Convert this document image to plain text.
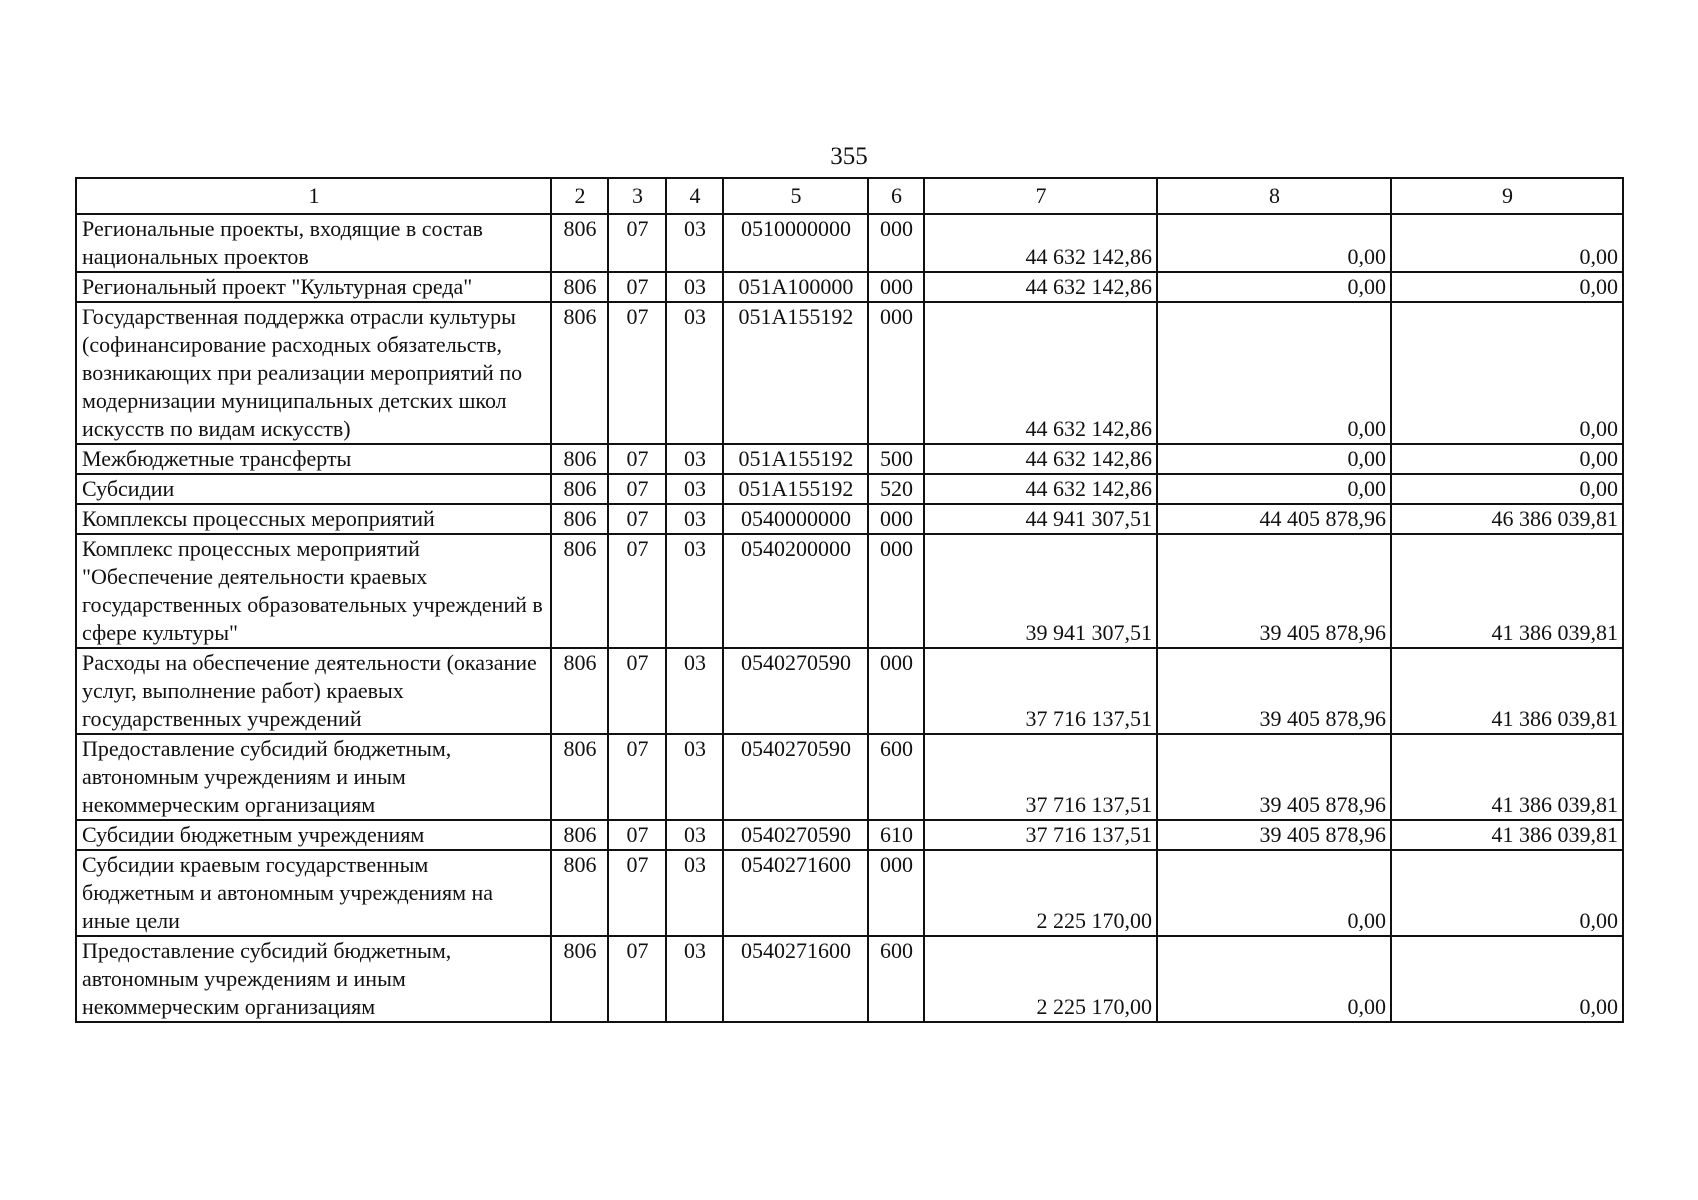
355
1	2	3	4	5	6	7	8	9
Региональные проекты, входящие в состав национальных проектов	806	07	03	0510000000	000	44 632 142,86	0,00	0,00
Региональный проект "Культурная среда"	806	07	03	051A100000	000	44 632 142,86	0,00	0,00
Государственная поддержка отрасли культуры (софинансирование расходных обязательств, возникающих при реализации мероприятий по модернизации муниципальных детских школ искусств по видам искусств)	806	07	03	051A155192	000	44 632 142,86	0,00	0,00
Межбюджетные трансферты	806	07	03	051A155192	500	44 632 142,86	0,00	0,00
Субсидии	806	07	03	051A155192	520	44 632 142,86	0,00	0,00
Комплексы процессных мероприятий	806	07	03	0540000000	000	44 941 307,51	44 405 878,96	46 386 039,81
Комплекс процессных мероприятий "Обеспечение деятельности краевых государственных образовательных учреждений в сфере культуры"	806	07	03	0540200000	000	39 941 307,51	39 405 878,96	41 386 039,81
Расходы на обеспечение деятельности (оказание услуг, выполнение работ) краевых государственных учреждений	806	07	03	0540270590	000	37 716 137,51	39 405 878,96	41 386 039,81
Предоставление субсидий бюджетным, автономным учреждениям и иным некоммерческим организациям	806	07	03	0540270590	600	37 716 137,51	39 405 878,96	41 386 039,81
Субсидии бюджетным учреждениям	806	07	03	0540270590	610	37 716 137,51	39 405 878,96	41 386 039,81
Субсидии краевым государственным бюджетным и автономным учреждениям на иные цели	806	07	03	0540271600	000	2 225 170,00	0,00	0,00
Предоставление субсидий бюджетным, автономным учреждениям и иным некоммерческим организациям	806	07	03	0540271600	600	2 225 170,00	0,00	0,00
